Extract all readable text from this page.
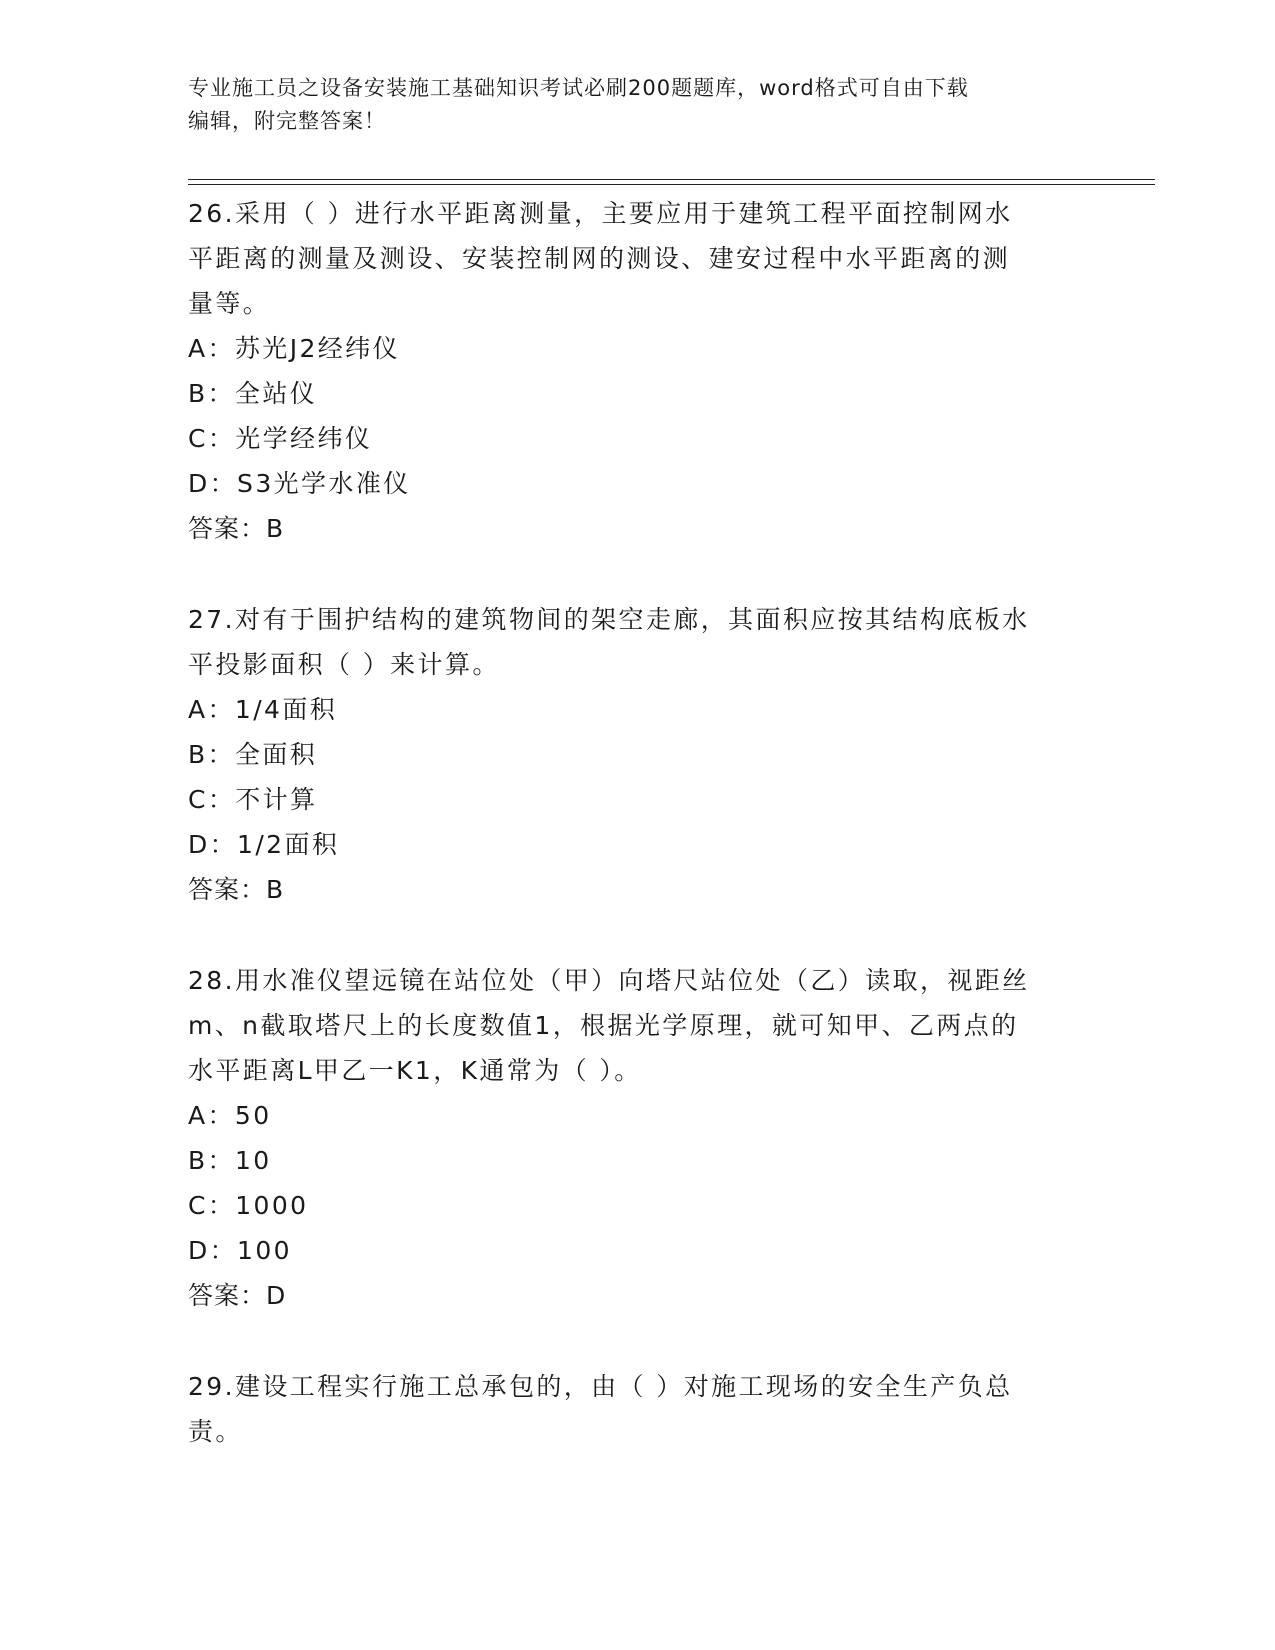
专业施工员之设备安装施工基础知识考试必刷200题题库，word格式可自由下载
编辑，附完整答案！

26.采用（ ）进行水平距离测量，主要应用于建筑工程平面控制网水

平距离的测量及测设、安装控制网的测设、建安过程中水平距离的测

量等。

A：苏光J2经纬仪

B：全站仪

C：光学经纬仪

D：S3光学水准仪

答案：B

27.对有于围护结构的建筑物间的架空走廊，其面积应按其结构底板水

平投影面积（ ）来计算。

A：1/4面积

B：全面积

C：不计算

D：1/2面积

答案：B

28.用水准仪望远镜在站位处（甲）向塔尺站位处（乙）读取，视距丝

m、n截取塔尺上的长度数值1，根据光学原理，就可知甲、乙两点的

水平距离L甲乙一K1，K通常为（ ）。

A：50

B：10

C：1000

D：100

答案：D

29.建设工程实行施工总承包的，由（ ）对施工现场的安全生产负总

责。
